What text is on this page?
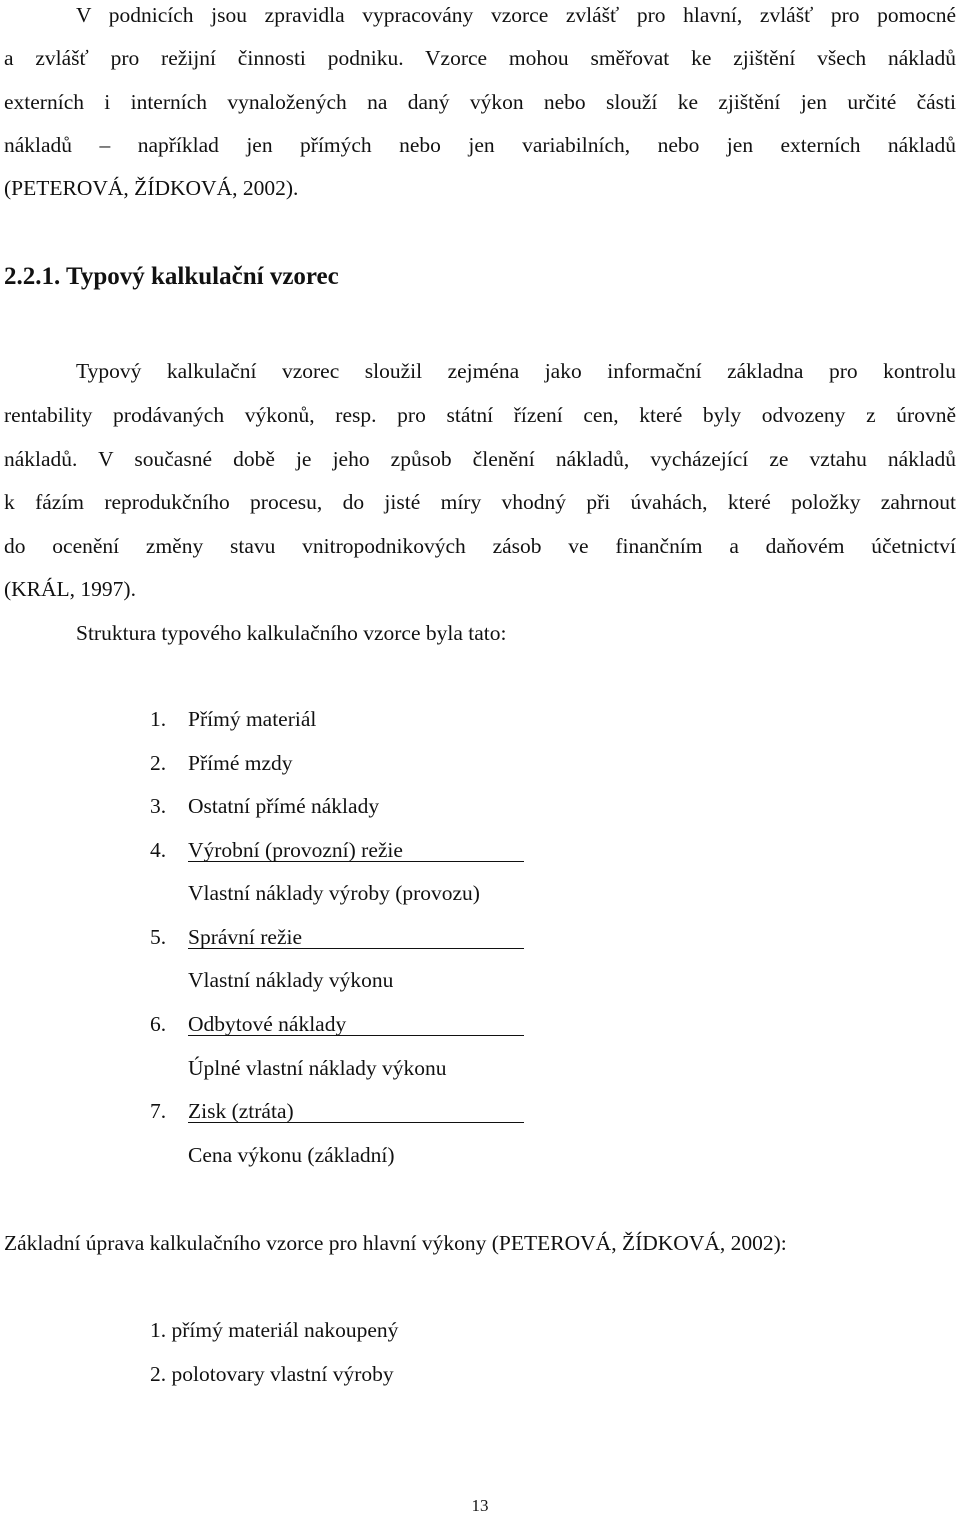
V podnicích jsou zpravidla vypracovány vzorce zvlášť pro hlavní, zvlášť pro pomocné
a zvlášť pro režijní činnosti podniku. Vzorce mohou směřovat ke zjištění všech nákladů
externích i interních vynaložených na daný výkon nebo slouží ke zjištění jen určité části
nákladů – například jen přímých nebo jen variabilních, nebo jen externích nákladů
(PETEROVÁ, ŽÍDKOVÁ, 2002).
2.2.1. Typový kalkulační vzorec
Typový kalkulační vzorec sloužil zejména jako informační základna pro kontrolu
rentability prodávaných výkonů, resp. pro státní řízení cen, které byly odvozeny z úrovně
nákladů. V současné době je jeho způsob členění nákladů, vycházející ze vztahu nákladů
k fázím reprodukčního procesu, do jisté míry vhodný při úvahách, které položky zahrnout
do ocenění změny stavu vnitropodnikových zásob ve finančním a daňovém účetnictví
(KRÁL, 1997).
Struktura typového kalkulačního vzorce byla tato:
1. Přímý materiál
2. Přímé mzdy
3. Ostatní přímé náklady
4. Výrobní (provozní) režie
Vlastní náklady výroby (provozu)
5. Správní režie
Vlastní náklady výkonu
6. Odbytové náklady
Úplné vlastní náklady výkonu
7. Zisk (ztráta)
Cena výkonu (základní)
Základní úprava kalkulačního vzorce pro hlavní výkony (PETEROVÁ, ŽÍDKOVÁ, 2002):
1. přímý materiál nakoupený
2. polotovary vlastní výroby
13
